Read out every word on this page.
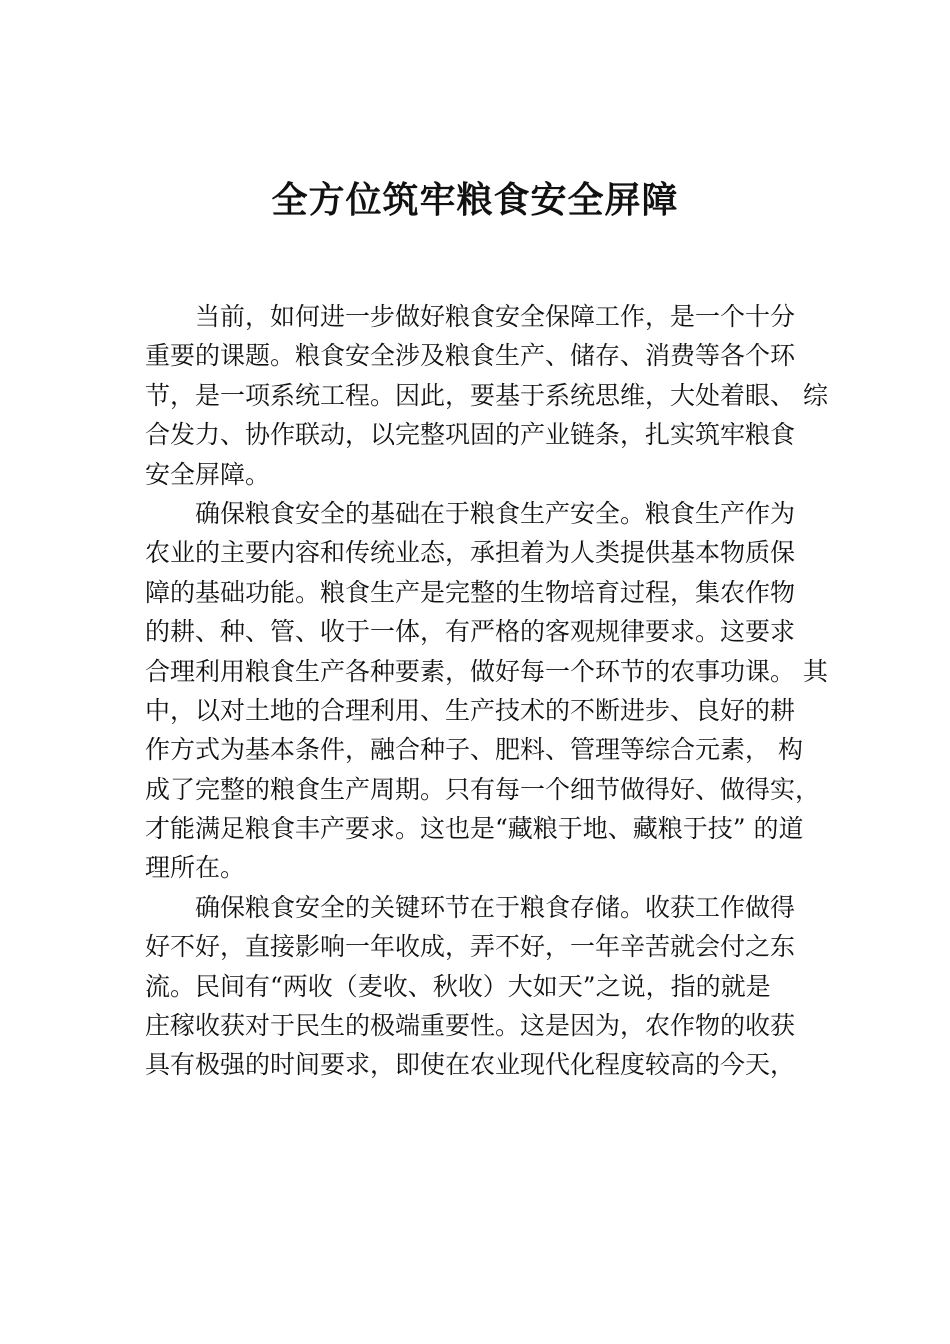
全方位筑牢粮食安全屏障
　　当前，如何进一步做好粮食安全保障工作，是一个十分
重要的课题。粮食安全涉及粮食生产、储存、消费等各个环
节，是一项系统工程。因此，要基于系统思维，大处着眼、 综
合发力、协作联动，以完整巩固的产业链条，扎实筑牢粮食
安全屏障。
　　确保粮食安全的基础在于粮食生产安全。粮食生产作为
农业的主要内容和传统业态，承担着为人类提供基本物质保
障的基础功能。粮食生产是完整的生物培育过程，集农作物
的耕、种、管、收于一体，有严格的客观规律要求。这要求
合理利用粮食生产各种要素，做好每一个环节的农事功课。 其
中，以对土地的合理利用、生产技术的不断进步、良好的耕
作方式为基本条件，融合种子、肥料、管理等综合元素， 构
成了完整的粮食生产周期。只有每一个细节做得好、做得实，
才能满足粮食丰产要求。这也是“藏粮于地、藏粮于技” 的道
理所在。
　　确保粮食安全的关键环节在于粮食存储。收获工作做得
好不好，直接影响一年收成，弄不好，一年辛苦就会付之东
流。民间有“两收（麦收、秋收）大如天”之说，指的就是
庄稼收获对于民生的极端重要性。这是因为，农作物的收获
具有极强的时间要求，即使在农业现代化程度较高的今天，
